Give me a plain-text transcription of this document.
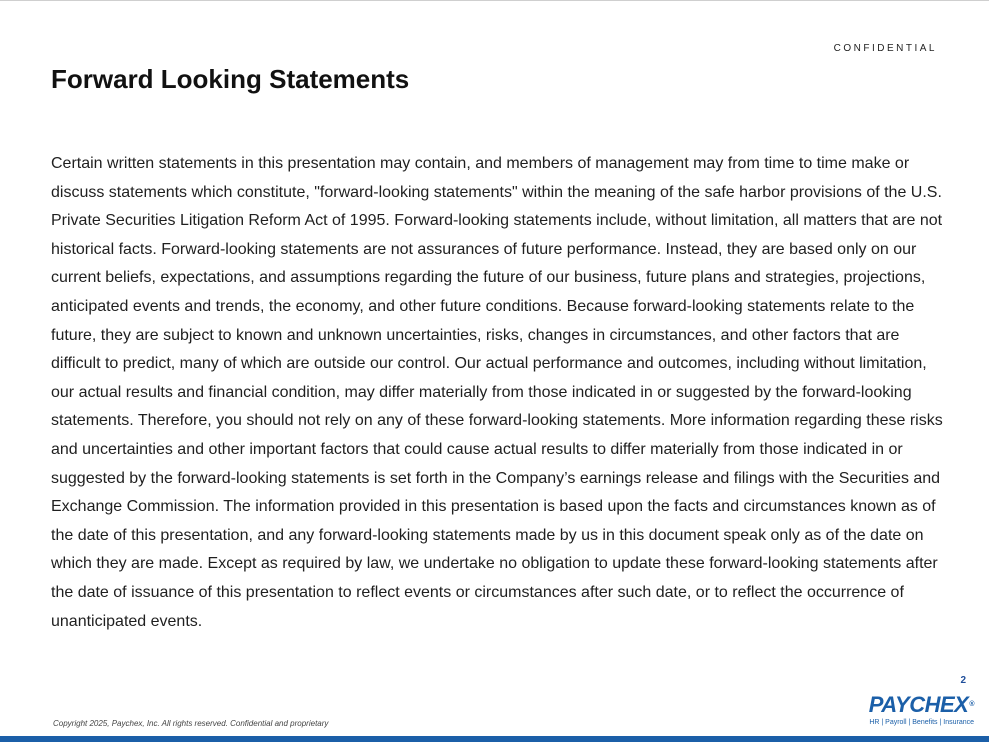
CONFIDENTIAL
Forward Looking Statements

Certain written statements in this presentation may contain, and members of management may from time to time make or discuss statements which constitute, "forward-looking statements" within the meaning of the safe harbor provisions of the U.S. Private Securities Litigation Reform Act of 1995. Forward-looking statements include, without limitation, all matters that are not historical facts. Forward-looking statements are not assurances of future performance. Instead, they are based only on our current beliefs, expectations, and assumptions regarding the future of our business, future plans and strategies, projections, anticipated events and trends, the economy, and other future conditions. Because forward-looking statements relate to the future, they are subject to known and unknown uncertainties, risks, changes in circumstances, and other factors that are difficult to predict, many of which are outside our control. Our actual performance and outcomes, including without limitation, our actual results and financial condition, may differ materially from those indicated in or suggested by the forward-looking statements. Therefore, you should not rely on any of these forward-looking statements. More information regarding these risks and uncertainties and other important factors that could cause actual results to differ materially from those indicated in or suggested by the forward-looking statements is set forth in the Company’s earnings release and filings with the Securities and Exchange Commission. The information provided in this presentation is based upon the facts and circumstances known as of the date of this presentation, and any forward-looking statements made by us in this document speak only as of the date on which they are made. Except as required by law, we undertake no obligation to update these forward-looking statements after the date of issuance of this presentation to reflect events or circumstances after such date, or to reflect the occurrence of unanticipated events.

2
PAYCHEX®
HR | Payroll | Benefits | Insurance
Copyright 2025, Paychex, Inc. All rights reserved. Confidential and proprietary
